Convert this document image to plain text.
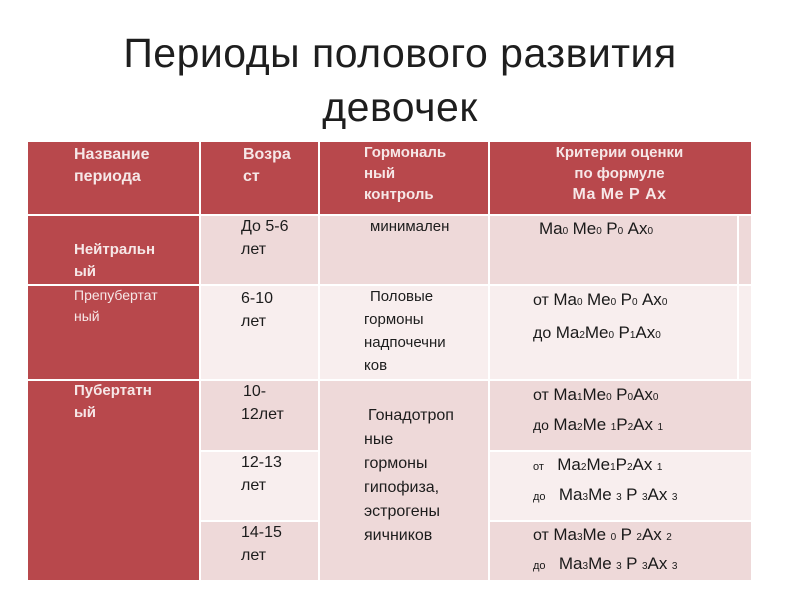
Периоды полового развития
девочек
Название
периода
Возра
ст
Гормональ
ный
контроль
Критерии оценки
по формуле
Ма Ме Р Ах
Нейтральн
ый
До 5-6
лет
минимален	Ma0 Me0 P0 Ax0
Препубертат
ный
6-10
лет
Половые
гормоны
надпочечни
ков
от Ma0 Me0 P0 Ax0
до Ma2Me0 P1Ax0
Пубертатн
ый	Гонадотроп
ные
гормоны
гипофиза,
эстрогены
яичников
10-
12лет
от Ma1Me0 P0Ax0
до Ma2Me 1P2Ax 1
12-13
лет
от Ma2Me1P2Ax 1
до Ma3Me 3 P 3Ax 3
14-15
лет
от Ma3Me 0 P 2Ax 2
до Ma3Me 3 P 3Ax 3
